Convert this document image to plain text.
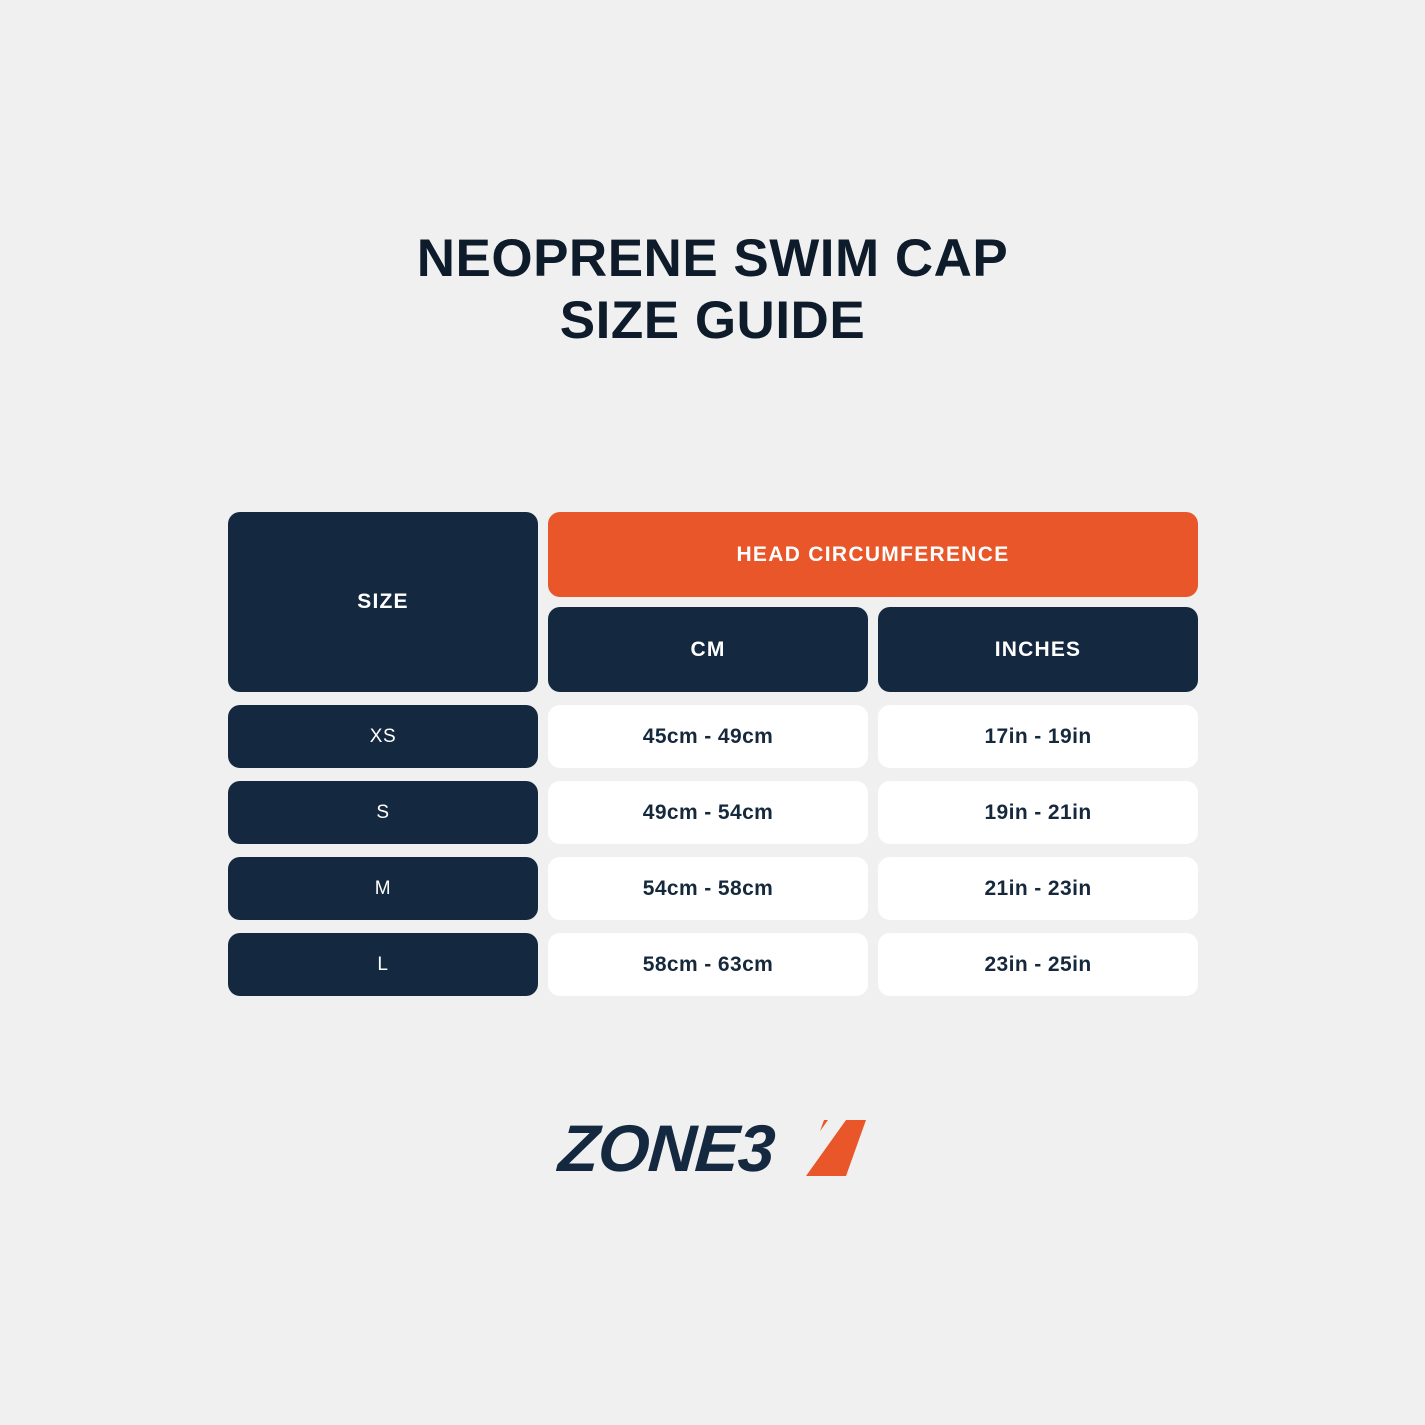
NEOPRENE SWIM CAP
SIZE GUIDE
SIZE
HEAD CIRCUMFERENCE
CM	INCHES
XS	45cm - 49cm	17in - 19in
S	49cm - 54cm	19in - 21in
M	54cm - 58cm	21in - 23in
L	58cm - 63cm	23in - 25in
ZONE3
